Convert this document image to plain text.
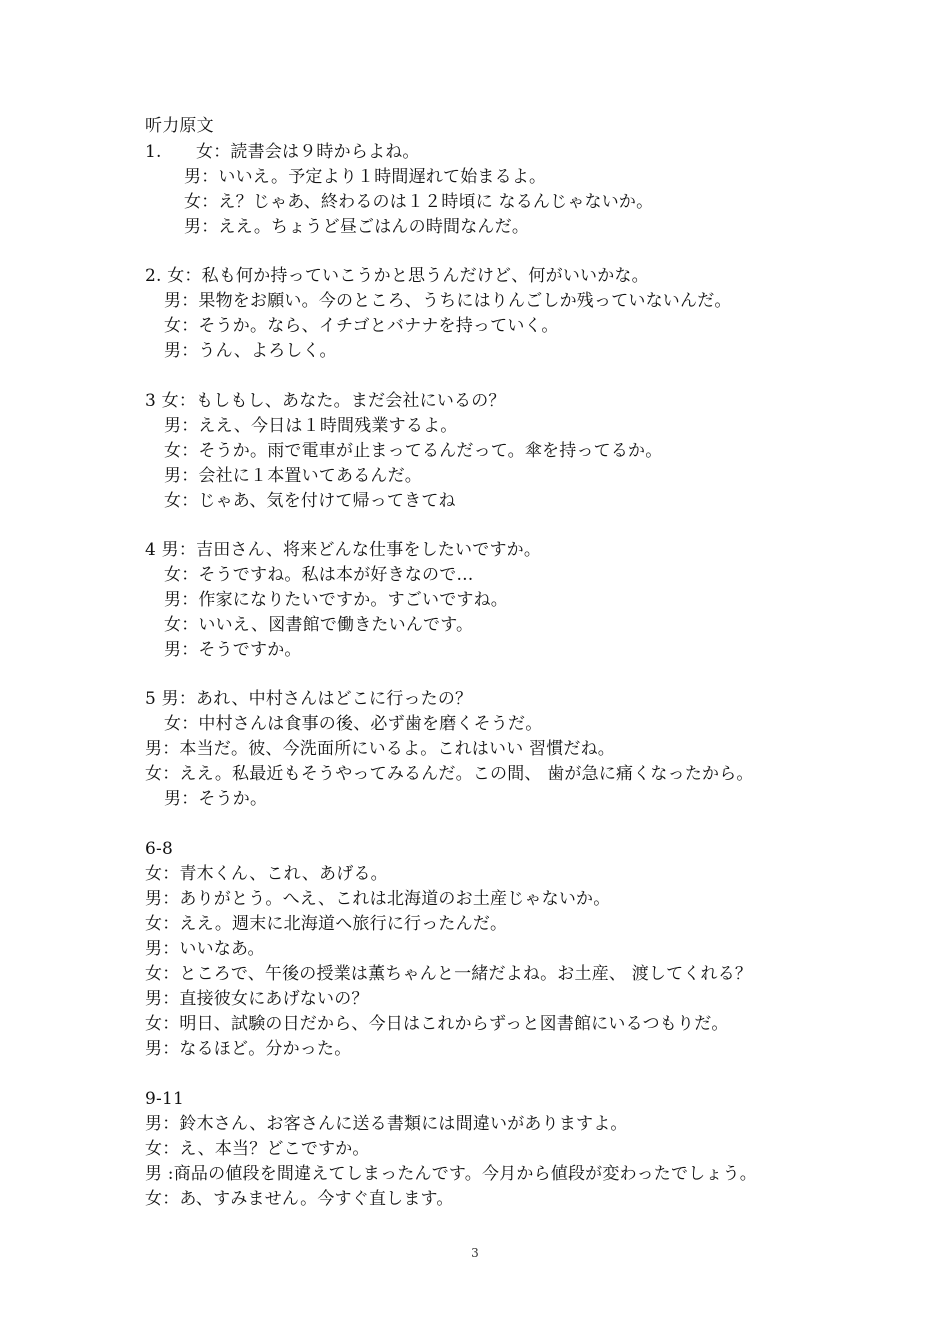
听力原文
1.　　女：読書会は９時からよね。
男：いいえ。予定より１時間遅れて始まるよ。
女：え？じゃあ、終わるのは１２時頃に なるんじゃないか。
男：ええ。ちょうど昼ごはんの時間なんだ。
2. 女：私も何か持っていこうかと思うんだけど、何がいいかな。
男：果物をお願い。今のところ、うちにはりんごしか残っていないんだ。
女：そうか。なら、イチゴとバナナを持っていく。
男：うん、よろしく。
3 女：もしもし、あなた。まだ会社にいるの？
男：ええ、今日は１時間残業するよ。
女：そうか。雨で電車が止まってるんだって。傘を持ってるか。
男：会社に１本置いてあるんだ。
女：じゃあ、気を付けて帰ってきてね
4 男：吉田さん、将来どんな仕事をしたいですか。
女：そうですね。私は本が好きなので…
男：作家になりたいですか。すごいですね。
女：いいえ、図書館で働きたいんです。
男：そうですか。
5 男：あれ、中村さんはどこに行ったの？
女：中村さんは食事の後、必ず歯を磨くそうだ。
男：本当だ。彼、今洗面所にいるよ。これはいい 習慣だね。
女：ええ。私最近もそうやってみるんだ。この間、 歯が急に痛くなったから。
男：そうか。
6-8
女：青木くん、これ、あげる。
男：ありがとう。へえ、これは北海道のお土産じゃないか。
女：ええ。週末に北海道へ旅行に行ったんだ。
男：いいなあ。
女：ところで、午後の授業は薫ちゃんと一緒だよね。お土産、 渡してくれる？
男：直接彼女にあげないの？
女：明日、試験の日だから、今日はこれからずっと図書館にいるつもりだ。
男：なるほど。分かった。
9-11
男：鈴木さん、お客さんに送る書類には間違いがありますよ。
女：え、本当？どこですか。
男 :商品の値段を間違えてしまったんです。今月から値段が変わったでしょう。
女：あ、すみません。今すぐ直します。
3
